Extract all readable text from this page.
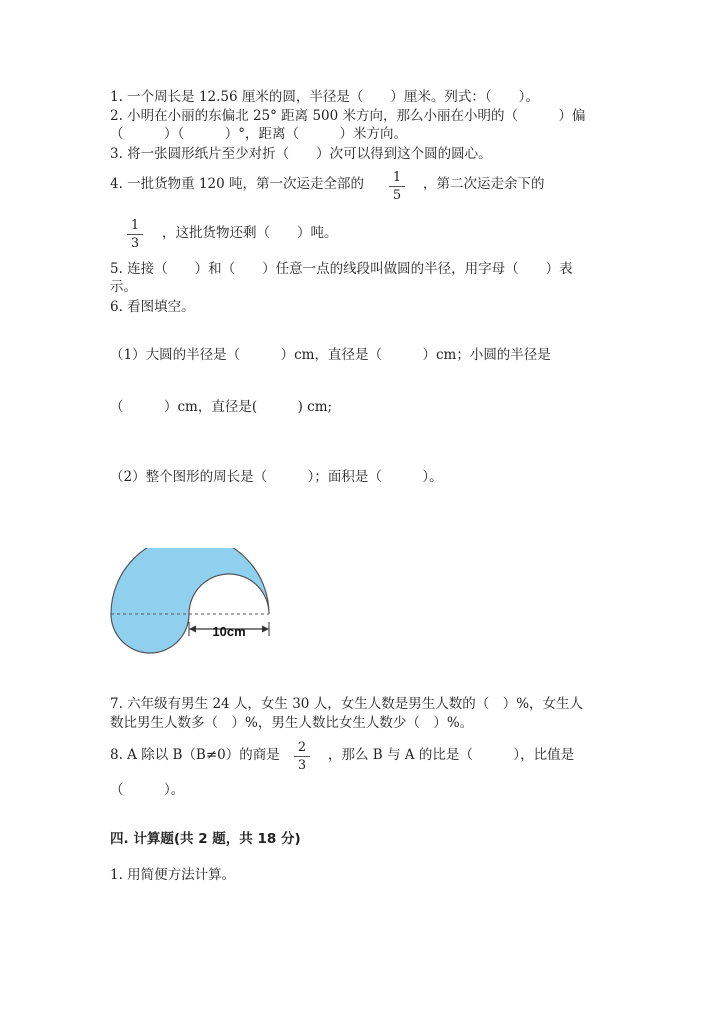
1. 一个周长是 12.56 厘米的圆，半径是（　　）厘米。列式：（　　）。
2. 小明在小丽的东偏北 25° 距离 500 米方向，那么小丽在小明的（　　　）偏
（　　　）（　　　）°，距离（　　　）米方向。
3. 将一张圆形纸片至少对折（　　）次可以得到这个圆的圆心。
4. 一批货物重 120 吨，第一次运走全部的	1
5
，第二次运走余下的
1
3
，这批货物还剩（　　）吨。
5. 连接（　　）和（　　）任意一点的线段叫做圆的半径，用字母（　　）表
示。
6. 看图填空。
（1）大圆的半径是（　　　）cm，直径是（　　　）cm；小圆的半径是
（　　　）cm，直径是(　　　) cm;
（2）整个图形的周长是（　　　）；面积是（　　　）。
10cm
7. 六年级有男生 24 人，女生 30 人，女生人数是男生人数的（　）%，女生人
数比男生人数多（　）%，男生人数比女生人数少（　）%。
8. A 除以 B（B≠0）的商是	2
3
，那么 B 与 A 的比是（　　　），比值是
（　　　）。
四. 计算题(共 2 题，共 18 分)
1. 用简便方法计算。
